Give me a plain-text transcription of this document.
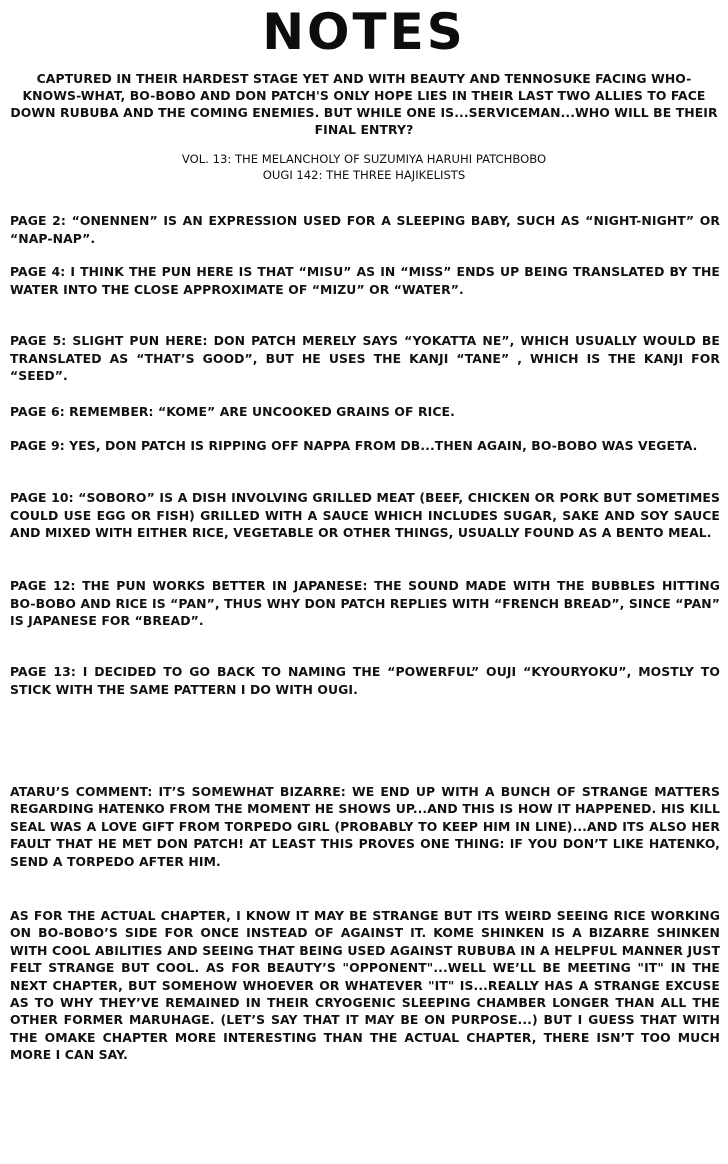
NOTES
CAPTURED IN THEIR HARDEST STAGE YET AND WITH BEAUTY AND TENNOSUKE FACING WHO-KNOWS-WHAT, BO-BOBO AND DON PATCH'S ONLY HOPE LIES IN THEIR LAST TWO ALLIES TO FACE DOWN RUBUBA AND THE COMING ENEMIES. BUT WHILE ONE IS...SERVICEMAN...WHO WILL BE THEIR FINAL ENTRY?
VOL. 13: THE MELANCHOLY OF SUZUMIYA HARUHI PATCHBOBO
OUGI 142: THE THREE HAJIKELISTS
PAGE 2: “ONENNEN” IS AN EXPRESSION USED FOR A SLEEPING BABY, SUCH AS “NIGHT-NIGHT” OR “NAP-NAP”.
PAGE 4: I THINK THE PUN HERE IS THAT “MISU” AS IN “MISS” ENDS UP BEING TRANSLATED BY THE WATER INTO THE CLOSE APPROXIMATE OF “MIZU” OR “WATER”.
PAGE 5: SLIGHT PUN HERE: DON PATCH MERELY SAYS “YOKATTA NE”, WHICH USUALLY WOULD BE TRANSLATED AS “THAT’S GOOD”, BUT HE USES THE KANJI “TANE” , WHICH IS THE KANJI FOR “SEED”.
PAGE 6: REMEMBER: “KOME” ARE UNCOOKED GRAINS OF RICE.
PAGE 9: YES, DON PATCH IS RIPPING OFF NAPPA FROM DB...THEN AGAIN, BO-BOBO WAS VEGETA.
PAGE 10: “SOBORO” IS A DISH INVOLVING GRILLED MEAT (BEEF, CHICKEN OR PORK BUT SOMETIMES COULD USE EGG OR FISH) GRILLED WITH A SAUCE WHICH INCLUDES SUGAR, SAKE AND SOY SAUCE AND MIXED WITH EITHER RICE, VEGETABLE OR OTHER THINGS, USUALLY FOUND AS A BENTO MEAL.
PAGE 12: THE PUN WORKS BETTER IN JAPANESE: THE SOUND MADE WITH THE BUBBLES HITTING BO-BOBO AND RICE IS “PAN”, THUS WHY DON PATCH REPLIES WITH “FRENCH BREAD”, SINCE “PAN” IS JAPANESE FOR “BREAD”.
PAGE 13: I DECIDED TO GO BACK TO NAMING THE “POWERFUL” OUJI “KYOURYOKU”, MOSTLY TO STICK WITH THE SAME PATTERN I DO WITH OUGI.
ATARU’S COMMENT: IT’S SOMEWHAT BIZARRE: WE END UP WITH A BUNCH OF STRANGE MATTERS REGARDING HATENKO FROM THE MOMENT HE SHOWS UP...AND THIS IS HOW IT HAPPENED. HIS KILL SEAL WAS A LOVE GIFT FROM TORPEDO GIRL (PROBABLY TO KEEP HIM IN LINE)...AND ITS ALSO HER FAULT THAT HE MET DON PATCH! AT LEAST THIS PROVES ONE THING: IF YOU DON’T LIKE HATENKO, SEND A TORPEDO AFTER HIM.
AS FOR THE ACTUAL CHAPTER, I KNOW IT MAY BE STRANGE BUT ITS WEIRD SEEING RICE WORKING ON BO-BOBO’S SIDE FOR ONCE INSTEAD OF AGAINST IT. KOME SHINKEN IS A BIZARRE SHINKEN WITH COOL ABILITIES AND SEEING THAT BEING USED AGAINST RUBUBA IN A HELPFUL MANNER JUST FELT STRANGE BUT COOL. AS FOR BEAUTY’S "OPPONENT"...WELL WE’LL BE MEETING "IT" IN THE NEXT CHAPTER, BUT SOMEHOW WHOEVER OR WHATEVER "IT" IS...REALLY HAS A STRANGE EXCUSE AS TO WHY THEY’VE REMAINED IN THEIR CRYOGENIC SLEEPING CHAMBER LONGER THAN ALL THE OTHER FORMER MARUHAGE. (LET’S SAY THAT IT MAY BE ON PURPOSE...) BUT I GUESS THAT WITH THE OMAKE CHAPTER MORE INTERESTING THAN THE ACTUAL CHAPTER, THERE ISN’T TOO MUCH MORE I CAN SAY.
